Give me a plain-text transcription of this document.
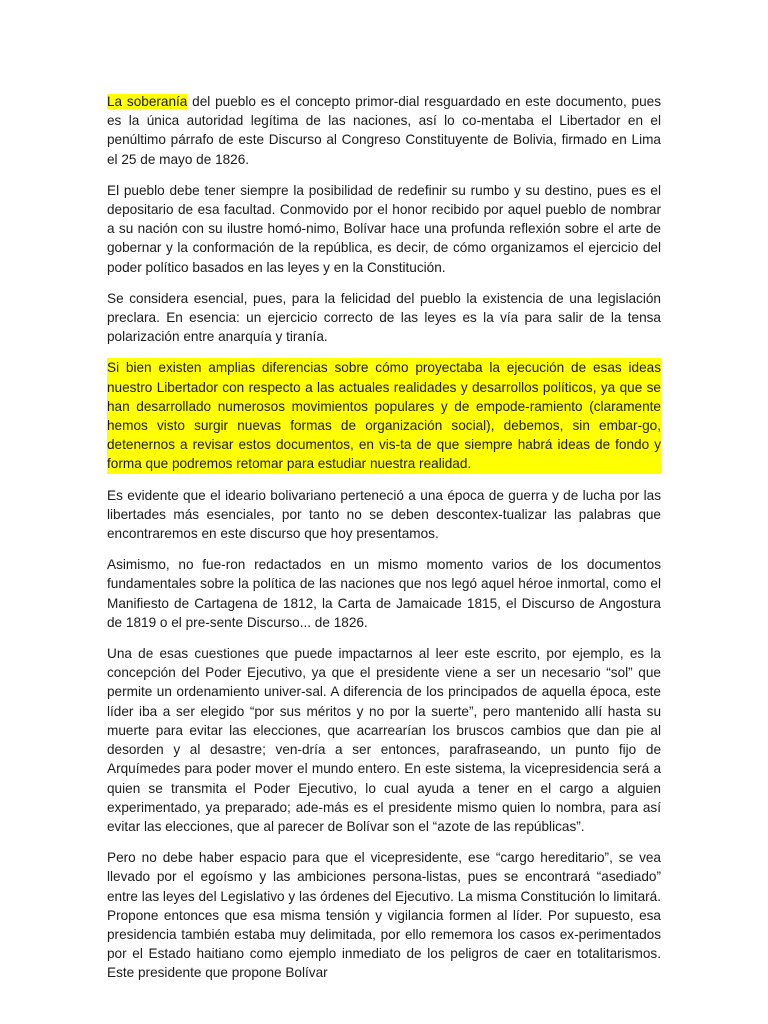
La soberanía del pueblo es el concepto primor-dial resguardado en este documento, pues es la única autoridad legítima de las naciones, así lo co-mentaba el Libertador en el penúltimo párrafo de este Discurso al Congreso Constituyente de Bolivia, firmado en Lima el 25 de mayo de 1826.

El pueblo debe tener siempre la posibilidad de redefinir su rumbo y su destino, pues es el depositario de esa facultad. Conmovido por el honor recibido por aquel pueblo de nombrar a su nación con su ilustre homó-nimo, Bolívar hace una profunda reflexión sobre el arte de gobernar y la conformación de la república, es decir, de cómo organizamos el ejercicio del poder político basados en las leyes y en la Constitución.

Se considera esencial, pues, para la felicidad del pueblo la existencia de una legislación preclara. En esencia: un ejercicio correcto de las leyes es la vía para salir de la tensa polarización entre anarquía y tiranía.

Si bien existen amplias diferencias sobre cómo proyectaba la ejecución de esas ideas nuestro Libertador con respecto a las actuales realidades y desarrollos políticos, ya que se han desarrollado numerosos movimientos populares y de empode-ramiento (claramente hemos visto surgir nuevas formas de organización social), debemos, sin embar-go, detenernos a revisar estos documentos, en vis-ta de que siempre habrá ideas de fondo y forma que podremos retomar para estudiar nuestra realidad.

Es evidente que el ideario bolivariano perteneció a una época de guerra y de lucha por las libertades más esenciales, por tanto no se deben descontex-tualizar las palabras que encontraremos en este discurso que hoy presentamos.

Asimismo, no fue-ron redactados en un mismo momento varios de los documentos fundamentales sobre la política de las naciones que nos legó aquel héroe inmortal, como el Manifiesto de Cartagena de 1812, la Carta de Jamaicade 1815, el Discurso de Angostura de 1819 o el pre-sente Discurso... de 1826.

Una de esas cuestiones que puede impactarnos al leer este escrito, por ejemplo, es la concepción del Poder Ejecutivo, ya que el presidente viene a ser un necesario “sol” que permite un ordenamiento univer-sal. A diferencia de los principados de aquella época, este líder iba a ser elegido “por sus méritos y no por la suerte”, pero mantenido allí hasta su muerte para evitar las elecciones, que acarrearían los bruscos cambios que dan pie al desorden y al desastre; ven-dría a ser entonces, parafraseando, un punto fijo de Arquímedes para poder mover el mundo entero. En este sistema, la vicepresidencia será a quien se transmita el Poder Ejecutivo, lo cual ayuda a tener en el cargo a alguien experimentado, ya preparado; ade-más es el presidente mismo quien lo nombra, para así evitar las elecciones, que al parecer de Bolívar son el “azote de las repúblicas”.

Pero no debe haber espacio para que el vicepresidente, ese “cargo hereditario”, se vea llevado por el egoísmo y las ambiciones persona-listas, pues se encontrará “asediado” entre las leyes del Legislativo y las órdenes del Ejecutivo. La misma Constitución lo limitará. Propone entonces que esa misma tensión y vigilancia formen al líder. Por supuesto, esa presidencia también estaba muy delimitada, por ello rememora los casos ex-perimentados por el Estado haitiano como ejemplo inmediato de los peligros de caer en totalitarismos. Este presidente que propone Bolívar
